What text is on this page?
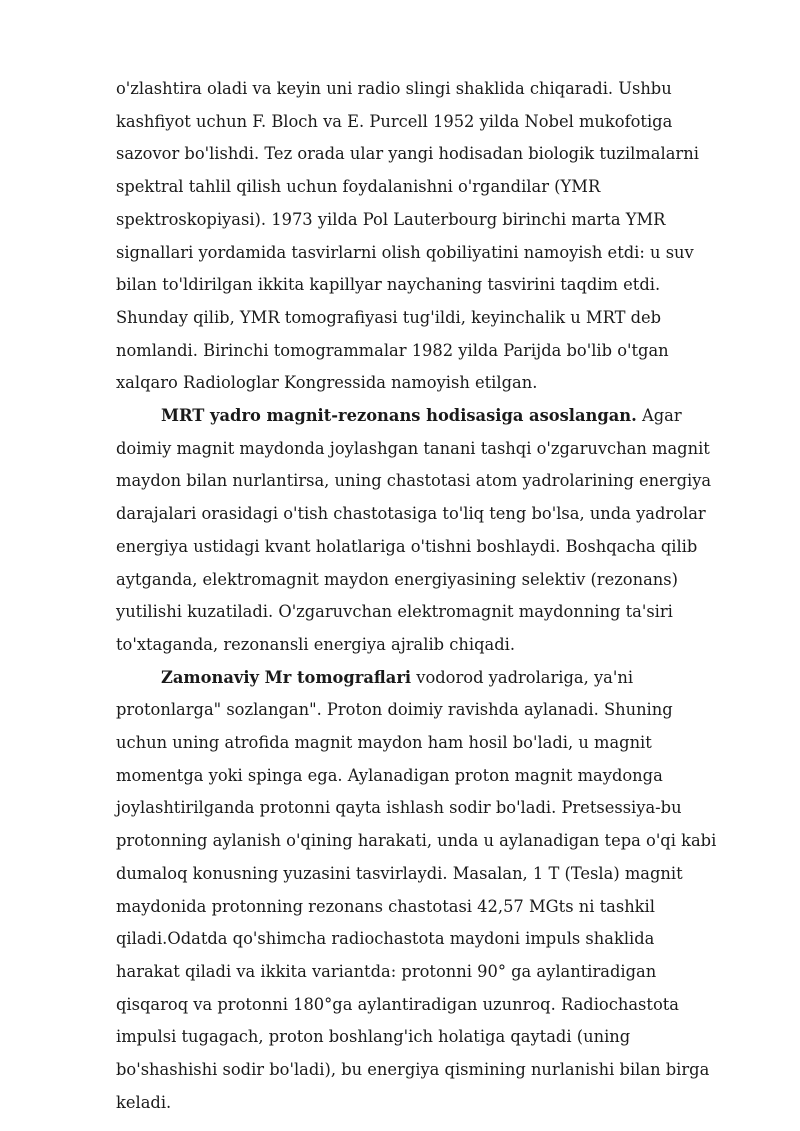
o'zlashtira oladi va keyin uni radio slingi shaklida chiqaradi. Ushbu kashfiyot uchun F. Bloch va E. Purcell 1952 yilda Nobel mukofotiga sazovor bo'lishdi. Tez orada ular yangi hodisadan biologik tuzilmalarni spektral tahlil qilish uchun foydalanishni o'rgandilar (YMR spektroskopiyasi). 1973 yilda Pol Lauterbourg birinchi marta YMR signallari yordamida tasvirlarni olish qobiliyatini namoyish etdi: u suv bilan to'ldirilgan ikkita kapillyar naychaning tasvirini taqdim etdi. Shunday qilib, YMR tomografiyasi tug'ildi, keyinchalik u MRT deb nomlandi. Birinchi tomogrammalar 1982 yilda Parijda bo'lib o'tgan xalqaro Radiologlar Kongressida namoyish etilgan.

MRT yadro magnit-rezonans hodisasiga asoslangan. Agar doimiy magnit maydonda joylashgan tanani tashqi o'zgaruvchan magnit maydon bilan nurlantirsa, uning chastotasi atom yadrolarining energiya darajalari orasidagi o'tish chastotasiga to'liq teng bo'lsa, unda yadrolar energiya ustidagi kvant holatlariga o'tishni boshlaydi. Boshqacha qilib aytganda, elektromagnit maydon energiyasining selektiv (rezonans) yutilishi kuzatiladi. O'zgaruvchan elektromagnit maydonning ta'siri to'xtaganda, rezonansli energiya ajralib chiqadi.

Zamonaviy Mr tomograflari vodorod yadrolariga, ya'ni protonlarga" sozlangan". Proton doimiy ravishda aylanadi. Shuning uchun uning atrofida magnit maydon ham hosil bo'ladi, u magnit momentga yoki spinga ega. Aylanadigan proton magnit maydonga joylashtirilganda protonni qayta ishlash sodir bo'ladi. Pretsessiya-bu protonning aylanish o'qining harakati, unda u aylanadigan tepa o'qi kabi dumaloq konusning yuzasini tasvirlaydi. Masalan, 1 T (Tesla) magnit maydonida protonning rezonans chastotasi 42,57 MGts ni tashkil qiladi.Odatda qo'shimcha radiochastota maydoni impuls shaklida harakat qiladi va ikkita variantda: protonni 90° ga aylantiradigan qisqaroq va protonni 180°ga aylantiradigan uzunroq. Radiochastota impulsi tugagach, proton boshlang'ich holatiga qaytadi (uning bo'shashishi sodir bo'ladi), bu energiya qismining nurlanishi bilan birga keladi.
